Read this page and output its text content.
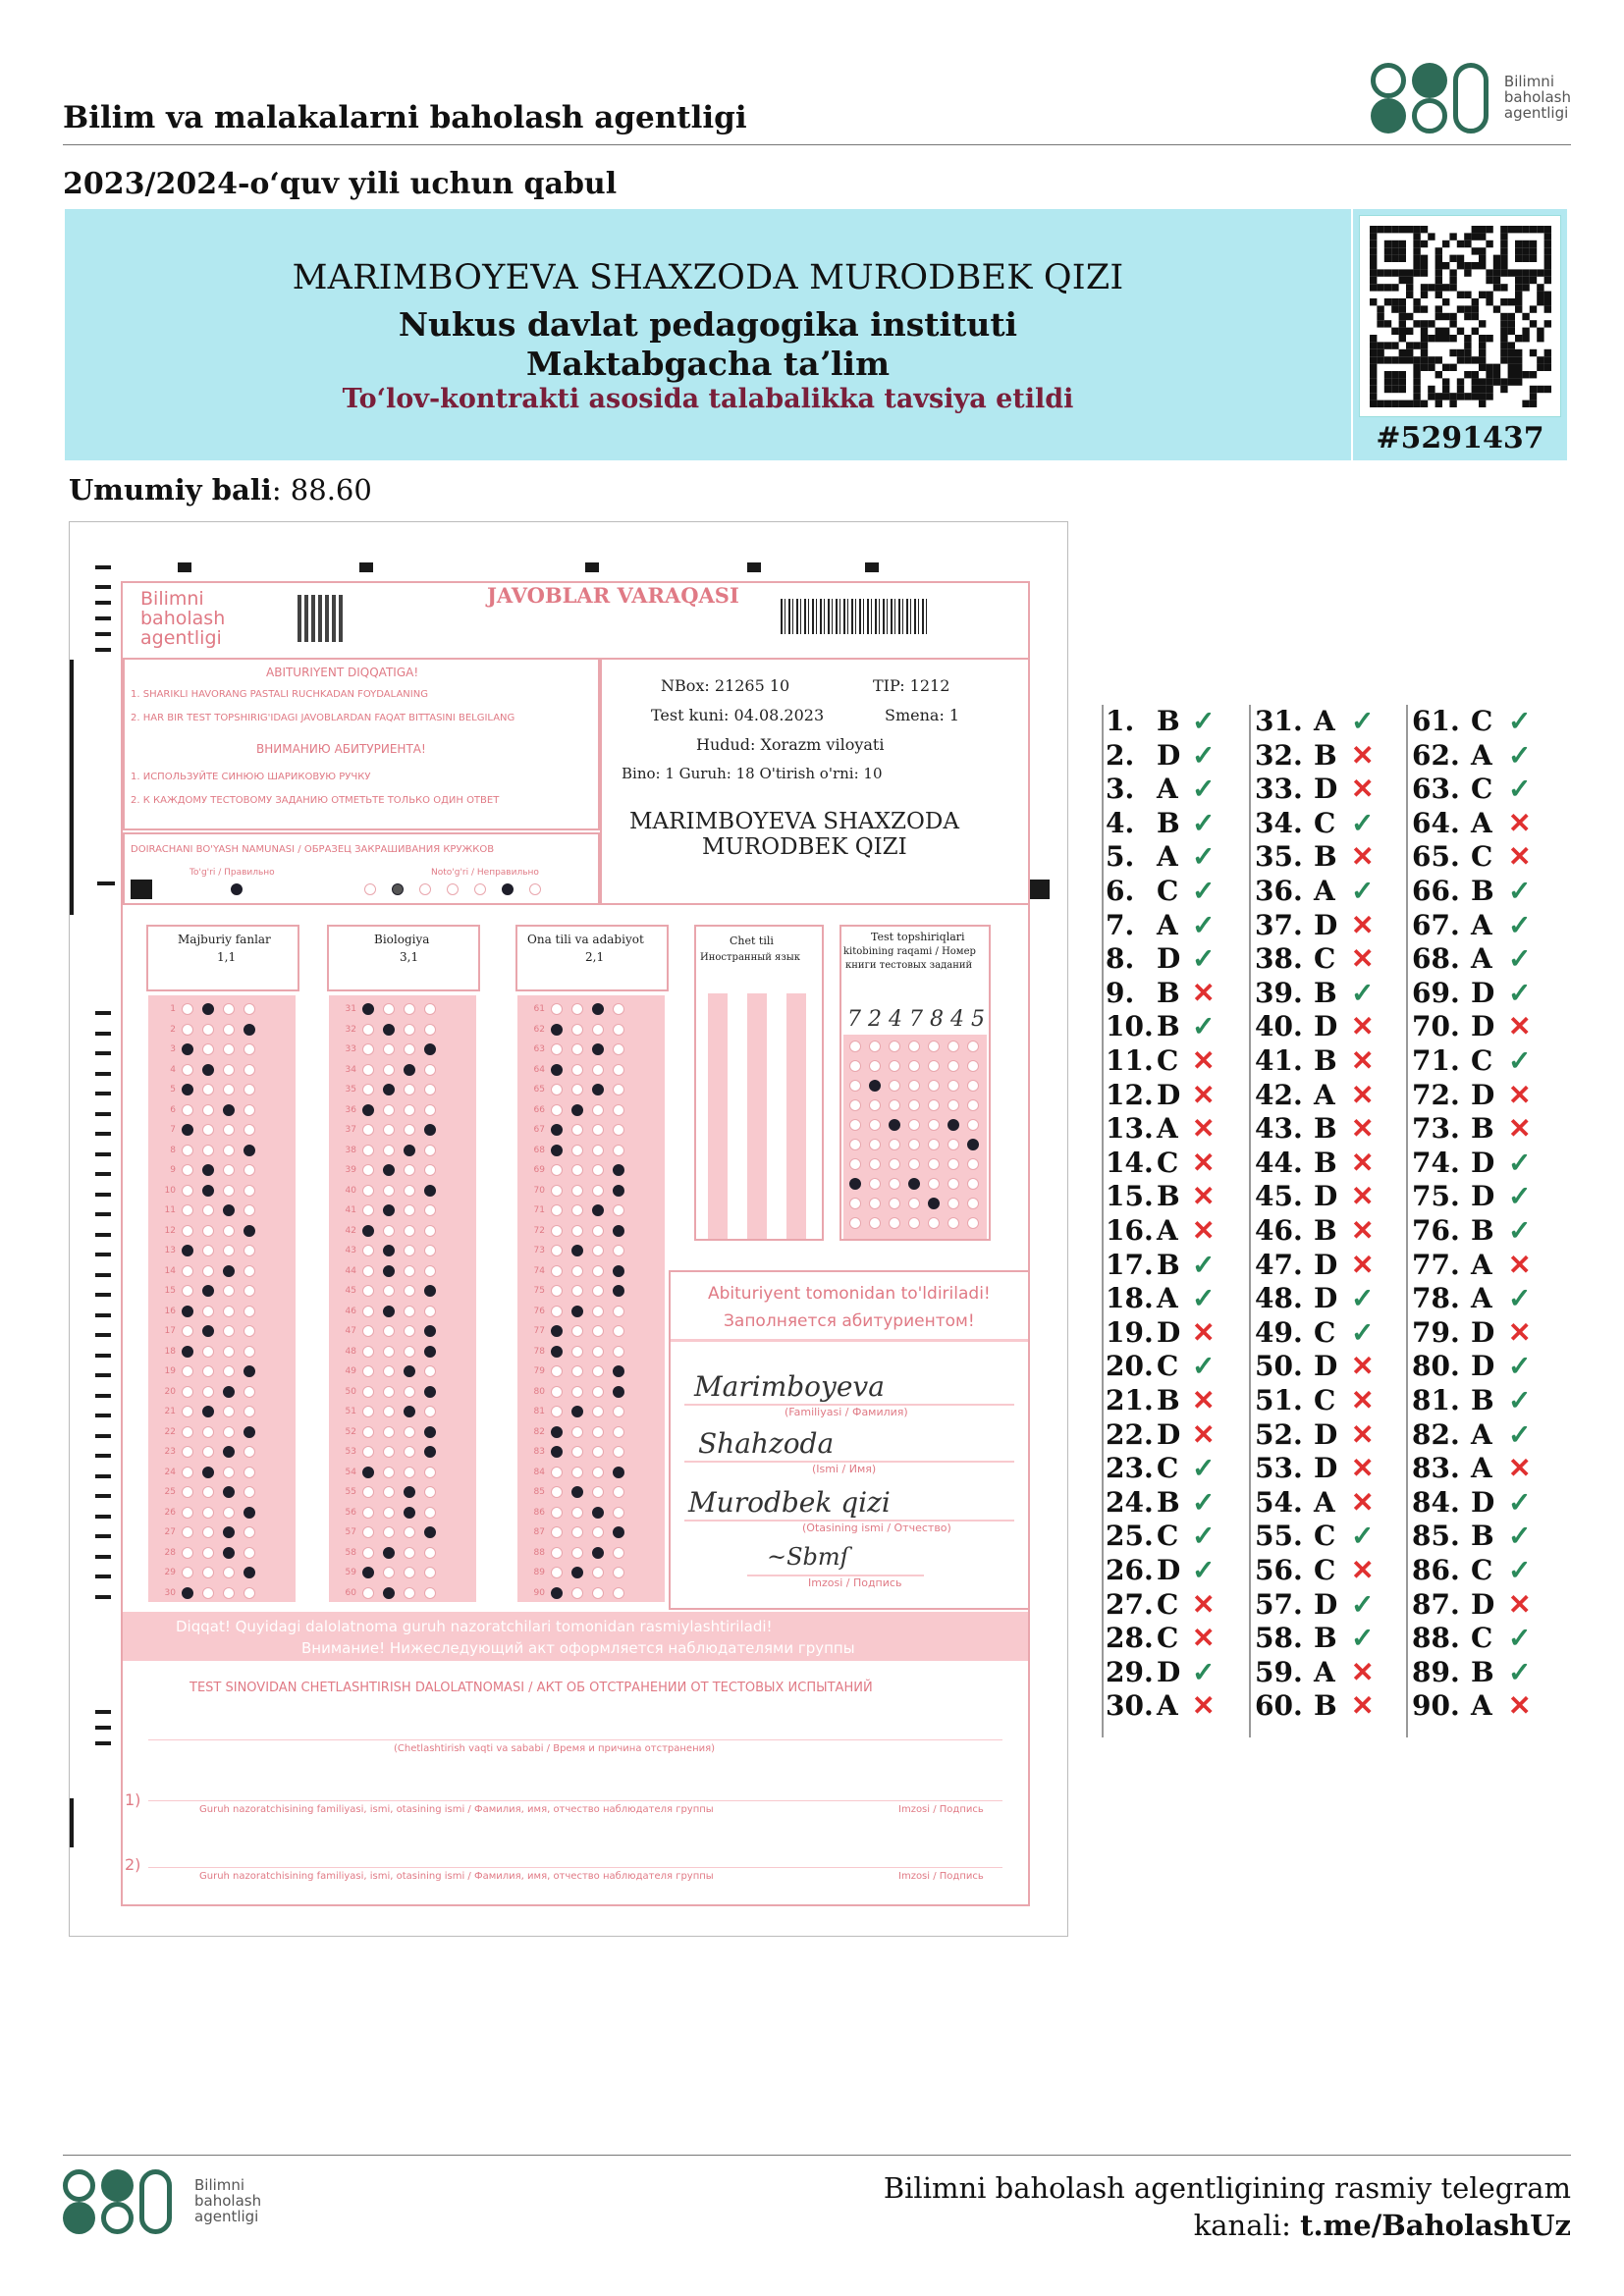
Bilim va malakalarni baholash agentligi
Bilimni
baholash
agentligi
2023/2024-oʻquv yili uchun qabul
MARIMBOYEVA SHAXZODA MURODBEK QIZI
Nukus davlat pedagogika instituti
Maktabgacha taʼlim
Toʻlov-kontrakti asosida talabalikka tavsiya etildi
#5291437
Umumiy bali: 88.60
Bilimni
baholash
agentligi
JAVOBLAR VARAQASI
ABITURIYENT DIQQATIGA!
1. SHARIKLI HAVORANG PASTALI RUCHKADAN FOYDALANING
2. HAR BIR TEST TOPSHIRIG'IDAGI JAVOBLARDAN FAQAT BITTASINI BELGILANG
ВНИМАНИЮ АБИТУРИЕНТА!
1. ИСПОЛЬЗУЙТЕ СИНЮЮ ШАРИКОВУЮ РУЧКУ
2. К КАЖДОМУ ТЕСТОВОМУ ЗАДАНИЮ ОТМЕТЬТЕ ТОЛЬКО ОДИН ОТВЕТ
DOIRACHANI BO'YASH NAMUNASI / ОБРАЗЕЦ ЗАКРАШИВАНИЯ КРУЖКОВ
To'g'ri / Правильно	Noto'g'ri / Неправильно
NBox: 21265 10	TIP: 1212
Test kuni: 04.08.2023	Smena: 1
Hudud: Xorazm viloyati
Bino: 1 Guruh: 18 O'tirish o'rni: 10
MARIMBOYEVA SHAXZODA
MURODBEK QIZI
Majburiy fanlar
1,1
Biologiya
3,1
Ona tili va adabiyot
2,1
1
2
3
4
5
6
7
8
9
10
11
12
13
14
15
16
17
18
19
20
21
22
23
24
25
26
27
28
29
30
31
32
33
34
35
36
37
38
39
40
41
42
43
44
45
46
47
48
49
50
51
52
53
54
55
56
57
58
59
60
61
62
63
64
65
66
67
68
69
70
71
72
73
74
75
76
77
78
79
80
81
82
83
84
85
86
87
88
89
90
Chet tili
Иностранный язык
Test topshiriqlari
kitobining raqami / Номер
книги тестовых заданий
7 2 4 7 8 4 5
Abituriyent tomonidan to'ldiriladi!
Заполняется абитуриентом!
Marimboyeva
(Familiyasi / Фамилия)
Shahzoda
(Ismi / Имя)
Murodbek qizi
(Otasining ismi / Отчество)
~Sbmſ
Imzosi / Подпись
Diqqat! Quyidagi dalolatnoma guruh nazoratchilari tomonidan rasmiylashtiriladi!
Внимание! Нижеследующий акт оформляется наблюдателями группы
TEST SINOVIDAN CHETLASHTIRISH DALOLATNOMASI / АКТ ОБ ОТСТРАНЕНИИ ОТ ТЕСТОВЫХ ИСПЫТАНИЙ
(Chetlashtirish vaqti va sababi / Время и причина отстранения)
1)
Guruh nazoratchisining familiyasi, ismi, otasining ismi / Фамилия, имя, отчество наблюдателя группы	Imzosi / Подпись
2)
Guruh nazoratchisining familiyasi, ismi, otasining ismi / Фамилия, имя, отчество наблюдателя группы	Imzosi / Подпись
1. B ✓
2. D ✓
3. A ✓
4. B ✓
5. A ✓
6. C ✓
7. A ✓
8. D ✓
9. B ✕
10. B ✓
11. C ✕
12. D ✕
13. A ✕
14. C ✕
15. B ✕
16. A ✕
17. B ✓
18. A ✓
19. D ✕
20. C ✓
21. B ✕
22. D ✕
23. C ✓
24. B ✓
25. C ✓
26. D ✓
27. C ✕
28. C ✕
29. D ✓
30. A ✕
31. A ✓
32. B ✕
33. D ✕
34. C ✓
35. B ✕
36. A ✓
37. D ✕
38. C ✕
39. B ✓
40. D ✕
41. B ✕
42. A ✕
43. B ✕
44. B ✕
45. D ✕
46. B ✕
47. D ✕
48. D ✓
49. C ✓
50. D ✕
51. C ✕
52. D ✕
53. D ✕
54. A ✕
55. C ✓
56. C ✕
57. D ✓
58. B ✓
59. A ✕
60. B ✕
61. C ✓
62. A ✓
63. C ✓
64. A ✕
65. C ✕
66. B ✓
67. A ✓
68. A ✓
69. D ✓
70. D ✕
71. C ✓
72. D ✕
73. B ✕
74. D ✓
75. D ✓
76. B ✓
77. A ✕
78. A ✓
79. D ✕
80. D ✓
81. B ✓
82. A ✓
83. A ✕
84. D ✓
85. B ✓
86. C ✓
87. D ✕
88. C ✓
89. B ✓
90. A ✕
Bilimni
baholash
agentligi
Bilimni baholash agentligining rasmiy telegram
kanali: t.me/BaholashUz
